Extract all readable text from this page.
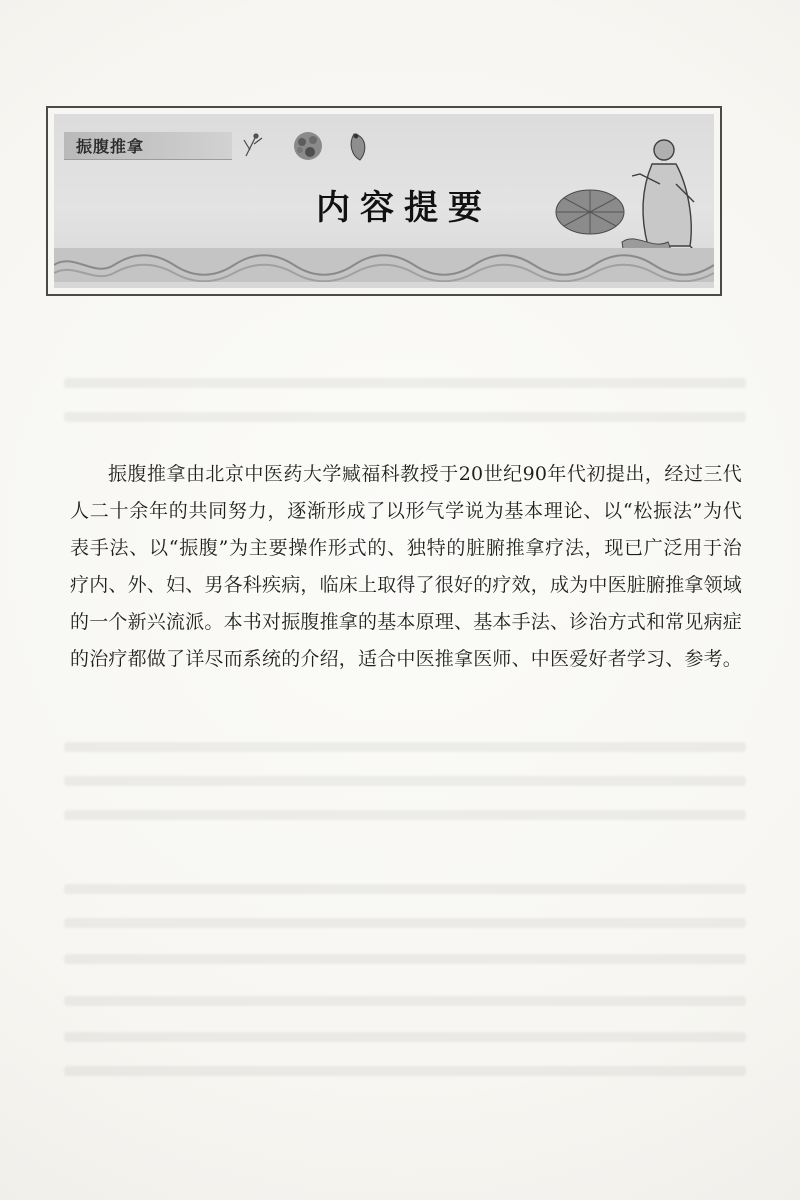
振腹推拿
内容提要

振腹推拿由北京中医药大学臧福科教授于20世纪90年代初提出，经过三代人二十余年的共同努力，逐渐形成了以形气学说为基本理论、以“松振法”为代表手法、以“振腹”为主要操作形式的、独特的脏腑推拿疗法，现已广泛用于治疗内、外、妇、男各科疾病，临床上取得了很好的疗效，成为中医脏腑推拿领域的一个新兴流派。本书对振腹推拿的基本原理、基本手法、诊治方式和常见病症的治疗都做了详尽而系统的介绍，适合中医推拿医师、中医爱好者学习、参考。
